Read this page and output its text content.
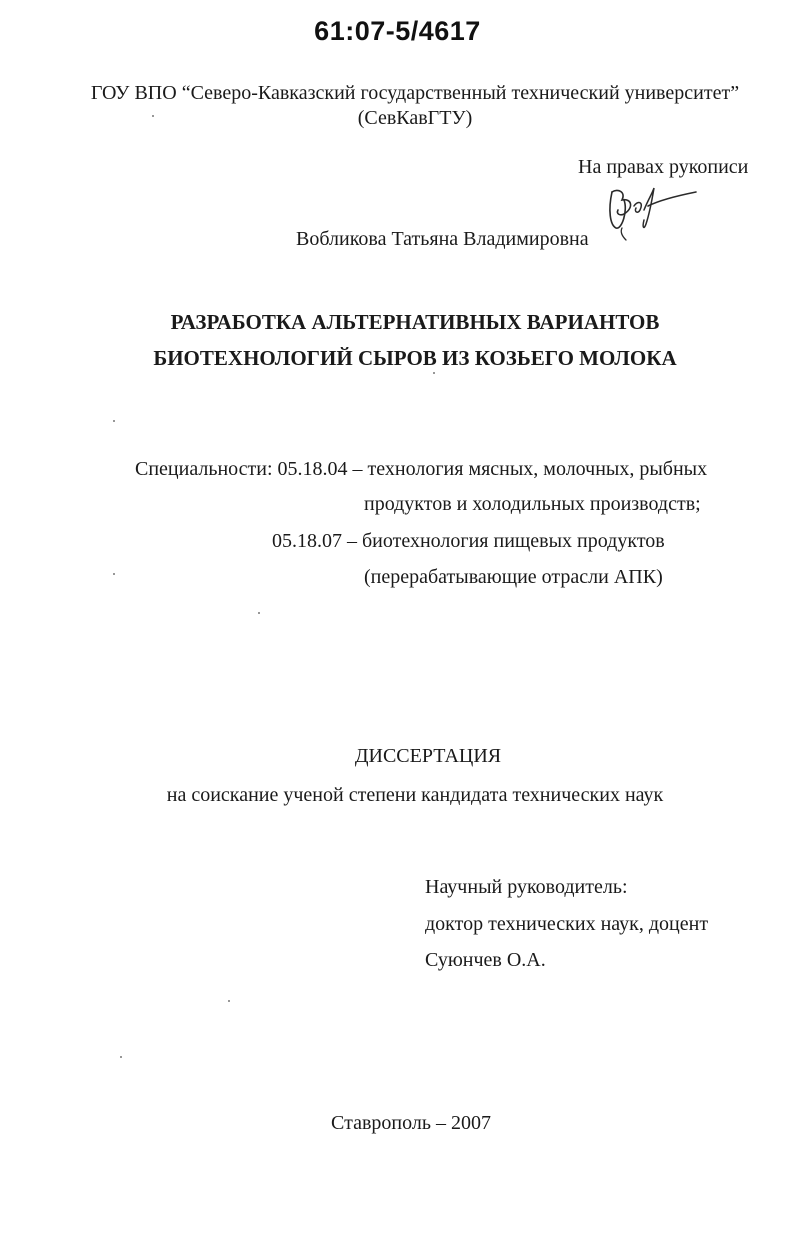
61:07-5/4617
ГОУ ВПО “Северо-Кавказский государственный технический университет”
(СевКавГТУ)
На правах рукописи
Вобликова Татьяна Владимировна
РАЗРАБОТКА АЛЬТЕРНАТИВНЫХ ВАРИАНТОВ
БИОТЕХНОЛОГИЙ СЫРОВ ИЗ КОЗЬЕГО МОЛОКА
Специальности: 05.18.04 – технология мясных, молочных, рыбных
продуктов и холодильных производств;
05.18.07 – биотехнология пищевых продуктов
(перерабатывающие отрасли АПК)
ДИССЕРТАЦИЯ
на соискание ученой степени кандидата технических наук
Научный руководитель:
доктор технических наук, доцент
Суюнчев О.А.
Ставрополь – 2007
